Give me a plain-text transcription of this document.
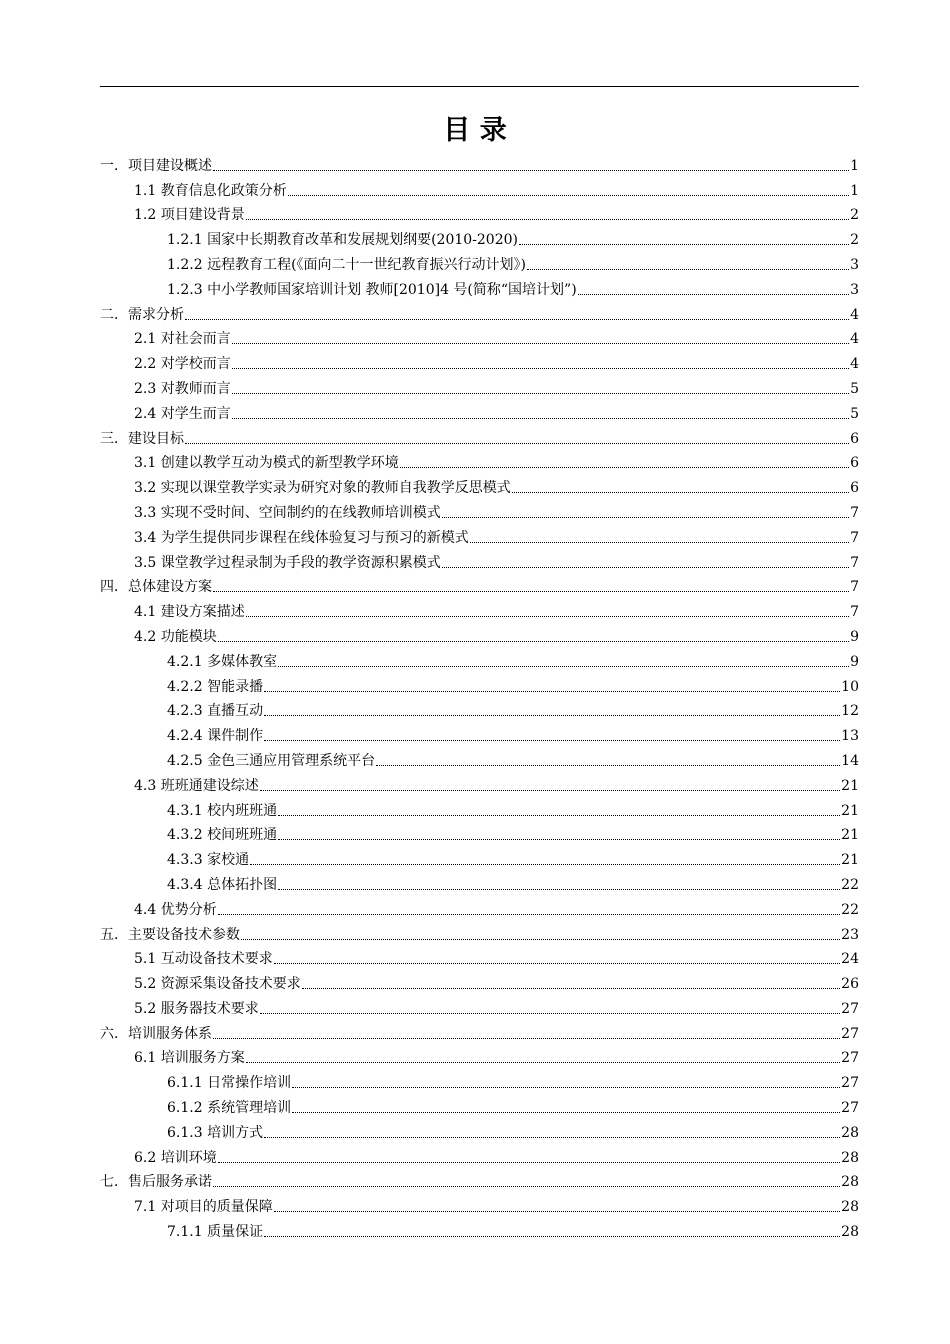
目 录
一．项目建设概述	1
1.1 教育信息化政策分析	1
1.2 项目建设背景	2
1.2.1 国家中长期教育改革和发展规划纲要(2010-2020)	2
1.2.2 远程教育工程(《面向二十一世纪教育振兴行动计划》)	3
1.2.3 中小学教师国家培训计划 教师[2010]4 号(简称“国培计划”)	3
二．需求分析	4
2.1 对社会而言	4
2.2 对学校而言	4
2.3 对教师而言	5
2.4 对学生而言	5
三．建设目标	6
3.1 创建以教学互动为模式的新型教学环境	6
3.2 实现以课堂教学实录为研究对象的教师自我教学反思模式	6
3.3 实现不受时间、空间制约的在线教师培训模式	7
3.4 为学生提供同步课程在线体验复习与预习的新模式	7
3.5 课堂教学过程录制为手段的教学资源积累模式	7
四．总体建设方案	7
4.1 建设方案描述	7
4.2 功能模块	9
4.2.1 多媒体教室	9
4.2.2 智能录播	10
4.2.3 直播互动	12
4.2.4 课件制作	13
4.2.5 金色三通应用管理系统平台	14
4.3 班班通建设综述	21
4.3.1 校内班班通	21
4.3.2 校间班班通	21
4.3.3 家校通	21
4.3.4 总体拓扑图	22
4.4 优势分析	22
五．主要设备技术参数	23
5.1 互动设备技术要求	24
5.2 资源采集设备技术要求	26
5.2 服务器技术要求	27
六．培训服务体系	27
6.1 培训服务方案	27
6.1.1 日常操作培训	27
6.1.2 系统管理培训	27
6.1.3 培训方式	28
6.2 培训环境	28
七．售后服务承诺	28
7.1 对项目的质量保障	28
7.1.1 质量保证	28
